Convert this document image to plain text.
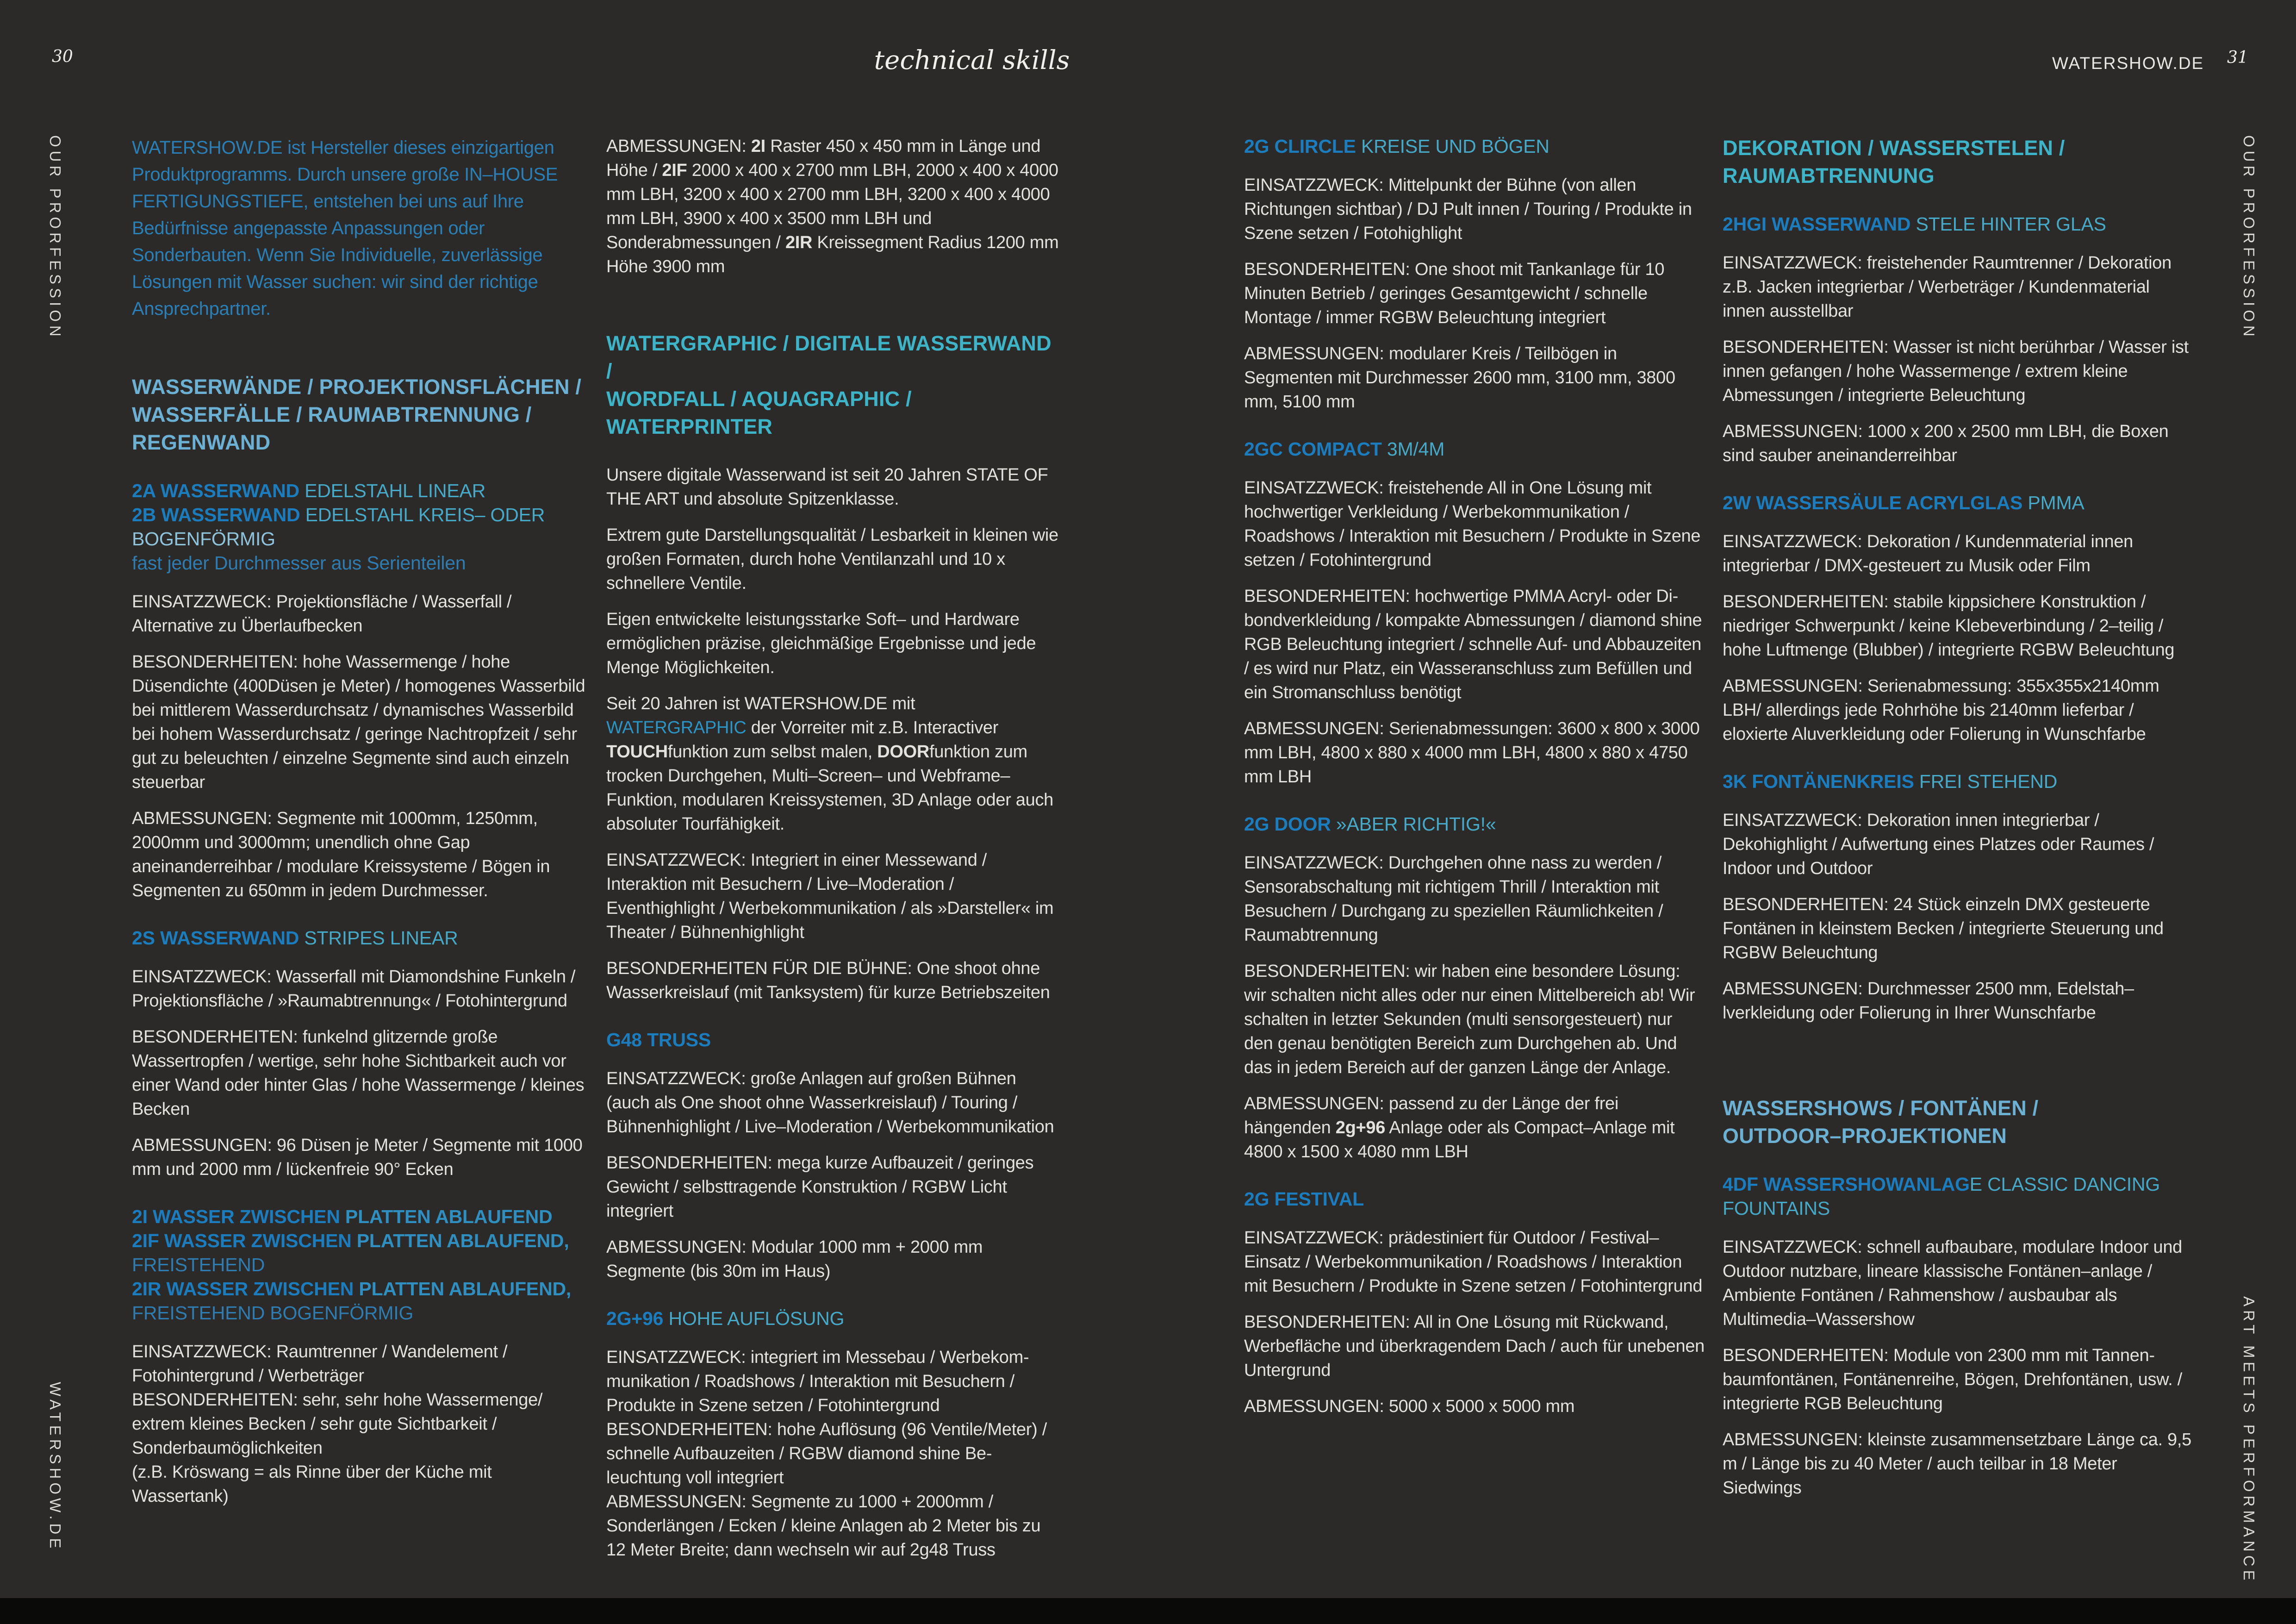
30	technical skills	WATERSHOW.DE 31
OUR PRORFESSION
WATERSHOW.DE
OUR PRORFESSION
ART MEETS PERFORMANCE
WATERSHOW.DE ist Hersteller dieses einzigartigen Produktprogramms. Durch unsere große IN–HOUSE FERTIGUNGSTIEFE, entstehen bei uns auf Ihre Bedürfnisse angepasste Anpassungen oder Sonderbauten. Wenn Sie Individuelle, zuverlässige Lösungen mit Wasser suchen: wir sind der richtige Ansprechpartner.
WASSERWÄNDE / PROJEKTIONSFLÄCHEN /
WASSERFÄLLE / RAUMABTRENNUNG /
REGENWAND
2A WASSERWAND EDELSTAHL LINEAR
2B WASSERWAND EDELSTAHL KREIS– ODER
BOGENFÖRMIG
fast jeder Durchmesser aus Serienteilen
EINSATZZWECK: Projektionsfläche / Wasserfall / Alternative zu Überlaufbecken
BESONDERHEITEN: hohe Wassermenge / hohe Düsendichte (400Düsen je Meter) / homogenes Wasserbild bei mittlerem Wasserdurchsatz / dynamisches Wasserbild bei hohem Wasserdurchsatz / geringe Nachtropfzeit / sehr gut zu beleuchten / einzelne Segmente sind auch einzeln steuerbar
ABMESSUNGEN: Segmente mit 1000mm, 1250mm, 2000mm und 3000mm; unendlich ohne Gap aneinanderreihbar / modulare Kreissysteme / Bögen in Segmenten zu 650mm in jedem Durchmesser.
2S WASSERWAND STRIPES LINEAR
EINSATZZWECK: Wasserfall mit Diamondshine Funkeln / Projektionsfläche / »Raumabtrennung« / Fotohintergrund
BESONDERHEITEN: funkelnd glitzernde große Wassertropfen / wertige, sehr hohe Sichtbarkeit auch vor einer Wand oder hinter Glas / hohe Wassermenge / kleines Becken
ABMESSUNGEN: 96 Düsen je Meter / Segmente mit 1000 mm und 2000 mm / lückenfreie 90° Ecken
2I WASSER ZWISCHEN PLATTEN ABLAUFEND
2IF WASSER ZWISCHEN PLATTEN ABLAUFEND,
FREISTEHEND
2IR WASSER ZWISCHEN PLATTEN ABLAUFEND,
FREISTEHEND BOGENFÖRMIG
EINSATZZWECK: Raumtrenner / Wandelement / Fotohintergrund / Werbeträger
BESONDERHEITEN: sehr, sehr hohe Wassermenge/ extrem kleines Becken / sehr gute Sichtbarkeit / Sonderbaumöglichkeiten
(z.B. Kröswang = als Rinne über der Küche mit Wassertank)
ABMESSUNGEN: 2I Raster 450 x 450 mm in Länge und Höhe / 2IF 2000 x 400 x 2700 mm LBH, 2000 x 400 x 4000 mm LBH, 3200 x 400 x 2700 mm LBH, 3200 x 400 x 4000 mm LBH, 3900 x 400 x 3500 mm LBH und Sonderabmessungen / 2IR Kreissegment Radius 1200 mm Höhe 3900 mm
WATERGRAPHIC / DIGITALE WASSERWAND /
WORDFALL / AQUAGRAPHIC / WATERPRINTER
Unsere digitale Wasserwand ist seit 20 Jahren STATE OF THE ART und absolute Spitzenklasse.
Extrem gute Darstellungsqualität / Lesbarkeit in kleinen wie großen Formaten, durch hohe Ventilanzahl und 10 x schnellere Ventile.
Eigen entwickelte leistungsstarke Soft– und Hardware ermöglichen präzise, gleichmäßige Ergebnisse und jede Menge Möglichkeiten.
Seit 20 Jahren ist WATERSHOW.DE mit WATERGRAPHIC der Vorreiter mit z.B. Interactiver TOUCHfunktion zum selbst malen, DOORfunktion zum trocken Durchgehen, Multi–Screen– und Webframe–Funktion, modularen Kreissystemen, 3D Anlage oder auch absoluter Tourfähigkeit.
EINSATZZWECK: Integriert in einer Messewand / Interaktion mit Besuchern / Live–Moderation / Eventhighlight / Werbekommunikation / als »Darsteller« im Theater / Bühnenhighlight
BESONDERHEITEN FÜR DIE BÜHNE: One shoot ohne Wasserkreislauf (mit Tanksystem) für kurze Betriebszeiten
G48 TRUSS
EINSATZZWECK: große Anlagen auf großen Bühnen (auch als One shoot ohne Wasserkreislauf) / Touring / Bühnenhighlight / Live–Moderation / Werbekommunikation
BESONDERHEITEN: mega kurze Aufbauzeit / geringes Gewicht / selbsttragende Konstruktion / RGBW Licht integriert
ABMESSUNGEN: Modular 1000 mm + 2000 mm Segmente (bis 30m im Haus)
2G+96 HOHE AUFLÖSUNG
EINSATZZWECK: integriert im Messebau / Werbekom-munikation / Roadshows / Interaktion mit Besuchern / Produkte in Szene setzen / Fotohintergrund
BESONDERHEITEN: hohe Auflösung (96 Ventile/Meter) / schnelle Aufbauzeiten / RGBW diamond shine Be-leuchtung voll integriert
ABMESSUNGEN: Segmente zu 1000 + 2000mm / Sonderlängen / Ecken / kleine Anlagen ab 2 Meter bis zu 12 Meter Breite; dann wechseln wir auf 2g48 Truss
2G CLIRCLE KREISE UND BÖGEN
EINSATZZWECK: Mittelpunkt der Bühne (von allen Richtungen sichtbar) / DJ Pult innen / Touring / Produkte in Szene setzen / Fotohighlight
BESONDERHEITEN: One shoot mit Tankanlage für 10 Minuten Betrieb / geringes Gesamtgewicht / schnelle Montage / immer RGBW Beleuchtung integriert
ABMESSUNGEN: modularer Kreis / Teilbögen in Segmenten mit Durchmesser 2600 mm, 3100 mm, 3800 mm, 5100 mm
2GC COMPACT 3M/4M
EINSATZZWECK: freistehende All in One Lösung mit hochwertiger Verkleidung / Werbekommunikation / Roadshows / Interaktion mit Besuchern / Produkte in Szene setzen / Fotohintergrund
BESONDERHEITEN: hochwertige PMMA Acryl- oder Di-bondverkleidung / kompakte Abmessungen / diamond shine RGB Beleuchtung integriert / schnelle Auf- und Abbauzeiten / es wird nur Platz, ein Wasseranschluss zum Befüllen und ein Stromanschluss benötigt
ABMESSUNGEN: Serienabmessungen: 3600 x 800 x 3000 mm LBH, 4800 x 880 x 4000 mm LBH, 4800 x 880 x 4750 mm LBH
2G DOOR »ABER RICHTIG!«
EINSATZZWECK: Durchgehen ohne nass zu werden / Sensorabschaltung mit richtigem Thrill / Interaktion mit Besuchern / Durchgang zu speziellen Räumlichkeiten / Raumabtrennung
BESONDERHEITEN: wir haben eine besondere Lösung: wir schalten nicht alles oder nur einen Mittelbereich ab! Wir schalten in letzter Sekunden (multi sensorgesteuert) nur den genau benötigten Bereich zum Durchgehen ab. Und das in jedem Bereich auf der ganzen Länge der Anlage.
ABMESSUNGEN: passend zu der Länge der frei hängenden 2g+96 Anlage oder als Compact–Anlage mit 4800 x 1500 x 4080 mm LBH
2G FESTIVAL
EINSATZZWECK: prädestiniert für Outdoor / Festival–Einsatz / Werbekommunikation / Roadshows / Interaktion mit Besuchern / Produkte in Szene setzen / Fotohintergrund
BESONDERHEITEN: All in One Lösung mit Rückwand, Werbefläche und überkragendem Dach / auch für unebenen Untergrund
ABMESSUNGEN: 5000 x 5000 x 5000 mm
DEKORATION / WASSERSTELEN /
RAUMABTRENNUNG
2HGI WASSERWAND STELE HINTER GLAS
EINSATZZWECK: freistehender Raumtrenner / Dekoration z.B. Jacken integrierbar / Werbeträger / Kundenmaterial innen ausstellbar
BESONDERHEITEN: Wasser ist nicht berührbar / Wasser ist innen gefangen / hohe Wassermenge / extrem kleine Abmessungen / integrierte Beleuchtung
ABMESSUNGEN: 1000 x 200 x 2500 mm LBH, die Boxen sind sauber aneinanderreihbar
2W WASSERSÄULE ACRYLGLAS PMMA
EINSATZZWECK: Dekoration / Kundenmaterial innen integrierbar / DMX-gesteuert zu Musik oder Film
BESONDERHEITEN: stabile kippsichere Konstruktion / niedriger Schwerpunkt / keine Klebeverbindung / 2–teilig / hohe Luftmenge (Blubber) / integrierte RGBW Beleuchtung
ABMESSUNGEN: Serienabmessung: 355x355x2140mm LBH/ allerdings jede Rohrhöhe bis 2140mm lieferbar / eloxierte Aluverkleidung oder Folierung in Wunschfarbe
3K FONTÄNENKREIS FREI STEHEND
EINSATZZWECK: Dekoration innen integrierbar / Dekohighlight / Aufwertung eines Platzes oder Raumes / Indoor und Outdoor
BESONDERHEITEN: 24 Stück einzeln DMX gesteuerte Fontänen in kleinstem Becken / integrierte Steuerung und RGBW Beleuchtung
ABMESSUNGEN: Durchmesser 2500 mm, Edelstah–lverkleidung oder Folierung in Ihrer Wunschfarbe
WASSERSHOWS / FONTÄNEN /
OUTDOOR–PROJEKTIONEN
4DF WASSERSHOWANLAGE CLASSIC DANCING FOUNTAINS
EINSATZZWECK: schnell aufbaubare, modulare Indoor und Outdoor nutzbare, lineare klassische Fontänen–anlage / Ambiente Fontänen / Rahmenshow / ausbaubar als Multimedia–Wassershow
BESONDERHEITEN: Module von 2300 mm mit Tannen-baumfontänen, Fontänenreihe, Bögen, Drehfontänen, usw. / integrierte RGB Beleuchtung
ABMESSUNGEN: kleinste zusammensetzbare Länge ca. 9,5 m / Länge bis zu 40 Meter / auch teilbar in 18 Meter Siedwings
